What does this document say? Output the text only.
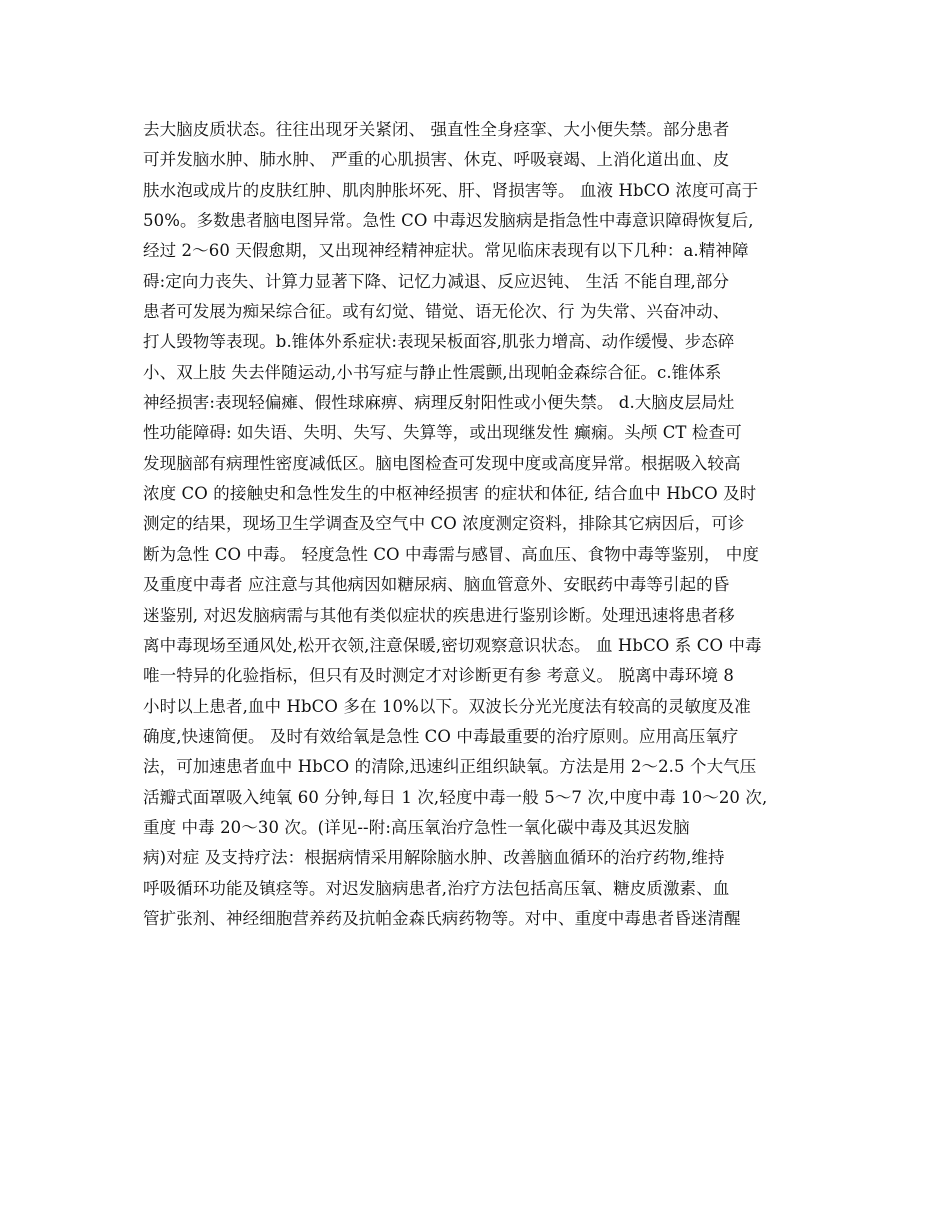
去大脑皮质状态。往往出现牙关紧闭、 强直性全身痉挛、大小便失禁。部分患者
可并发脑水肿、肺水肿、 严重的心肌损害、休克、呼吸衰竭、上消化道出血、皮
肤水泡或成片的皮肤红肿、肌肉肿胀坏死、肝、肾损害等。 血液 HbCO 浓度可高于
50%。多数患者脑电图异常。急性 CO 中毒迟发脑病是指急性中毒意识障碍恢复后,
经过 2～60 天假愈期，又出现神经精神症状。常见临床表现有以下几种：a.精神障
碍:定向力丧失、计算力显著下降、记忆力减退、反应迟钝、 生活 不能自理,部分
患者可发展为痴呆综合征。或有幻觉、错觉、语无伦次、行 为失常、兴奋冲动、
打人毁物等表现。b.锥体外系症状:表现呆板面容,肌张力增高、动作缓慢、步态碎
小、双上肢 失去伴随运动,小书写症与静止性震颤,出现帕金森综合征。c.锥体系
神经损害:表现轻偏瘫、假性球麻痹、病理反射阳性或小便失禁。 d.大脑皮层局灶
性功能障碍: 如失语、失明、失写、失算等，或出现继发性 癫痫。头颅 CT 检查可
发现脑部有病理性密度减低区。脑电图检查可发现中度或高度异常。根据吸入较高
浓度 CO 的接触史和急性发生的中枢神经损害 的症状和体征, 结合血中 HbCO 及时
测定的结果，现场卫生学调查及空气中 CO 浓度测定资料，排除其它病因后，可诊
断为急性 CO 中毒。 轻度急性 CO 中毒需与感冒、高血压、食物中毒等鉴别， 中度
及重度中毒者 应注意与其他病因如糖尿病、脑血管意外、安眠药中毒等引起的昏
迷鉴别, 对迟发脑病需与其他有类似症状的疾患进行鉴别诊断。处理迅速将患者移
离中毒现场至通风处,松开衣领,注意保暖,密切观察意识状态。 血 HbCO 系 CO 中毒
唯一特异的化验指标，但只有及时测定才对诊断更有参 考意义。 脱离中毒环境 8
小时以上患者,血中 HbCO 多在 10%以下。双波长分光光度法有较高的灵敏度及准
确度,快速简便。 及时有效给氧是急性 CO 中毒最重要的治疗原则。应用高压氧疗
法，可加速患者血中 HbCO 的清除,迅速纠正组织缺氧。方法是用 2～2.5 个大气压
活瓣式面罩吸入纯氧 60 分钟,每日 1 次,轻度中毒一般 5～7 次,中度中毒 10～20 次,
重度 中毒 20～30 次。(详见--附:高压氧治疗急性一氧化碳中毒及其迟发脑
病)对症 及支持疗法：根据病情采用解除脑水肿、改善脑血循环的治疗药物,维持
呼吸循环功能及镇痉等。对迟发脑病患者,治疗方法包括高压氧、糖皮质激素、血
管扩张剂、神经细胞营养药及抗帕金森氏病药物等。对中、重度中毒患者昏迷清醒
